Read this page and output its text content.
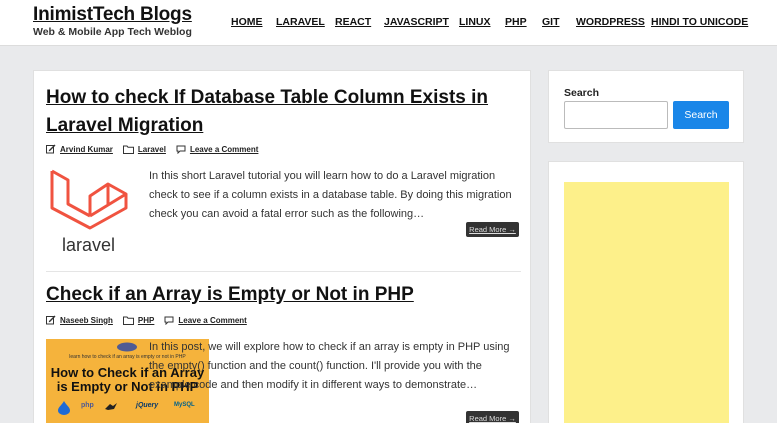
InimistTech Blogs
Web & Mobile App Tech Weblog
HOME LARAVEL REACT JAVASCRIPT LINUX PHP GIT WORDPRESS HINDI TO UNICODE
How to check If Database Table Column Exists in Laravel Migration
Arvind Kumar	Laravel	Leave a Comment
laravel
In this short Laravel tutorial you will learn how to do a Laravel migration check to see if a column exists in a database table. By doing this migration check you can avoid a fatal error such as the following…
Read More →
Check if an Array is Empty or Not in PHP
Naseeb Singh	PHP	Leave a Comment
learn how to check if an array is empty or not in PHP
How to Check if an Array is Empty or Not in PHP
php	jQuery	MySQL
In this post, we will explore how to check if an array is empty in PHP using the empty() function and the count() function. I'll provide you with the example code and then modify it in different ways to demonstrate…
Read More →
Search
Search
